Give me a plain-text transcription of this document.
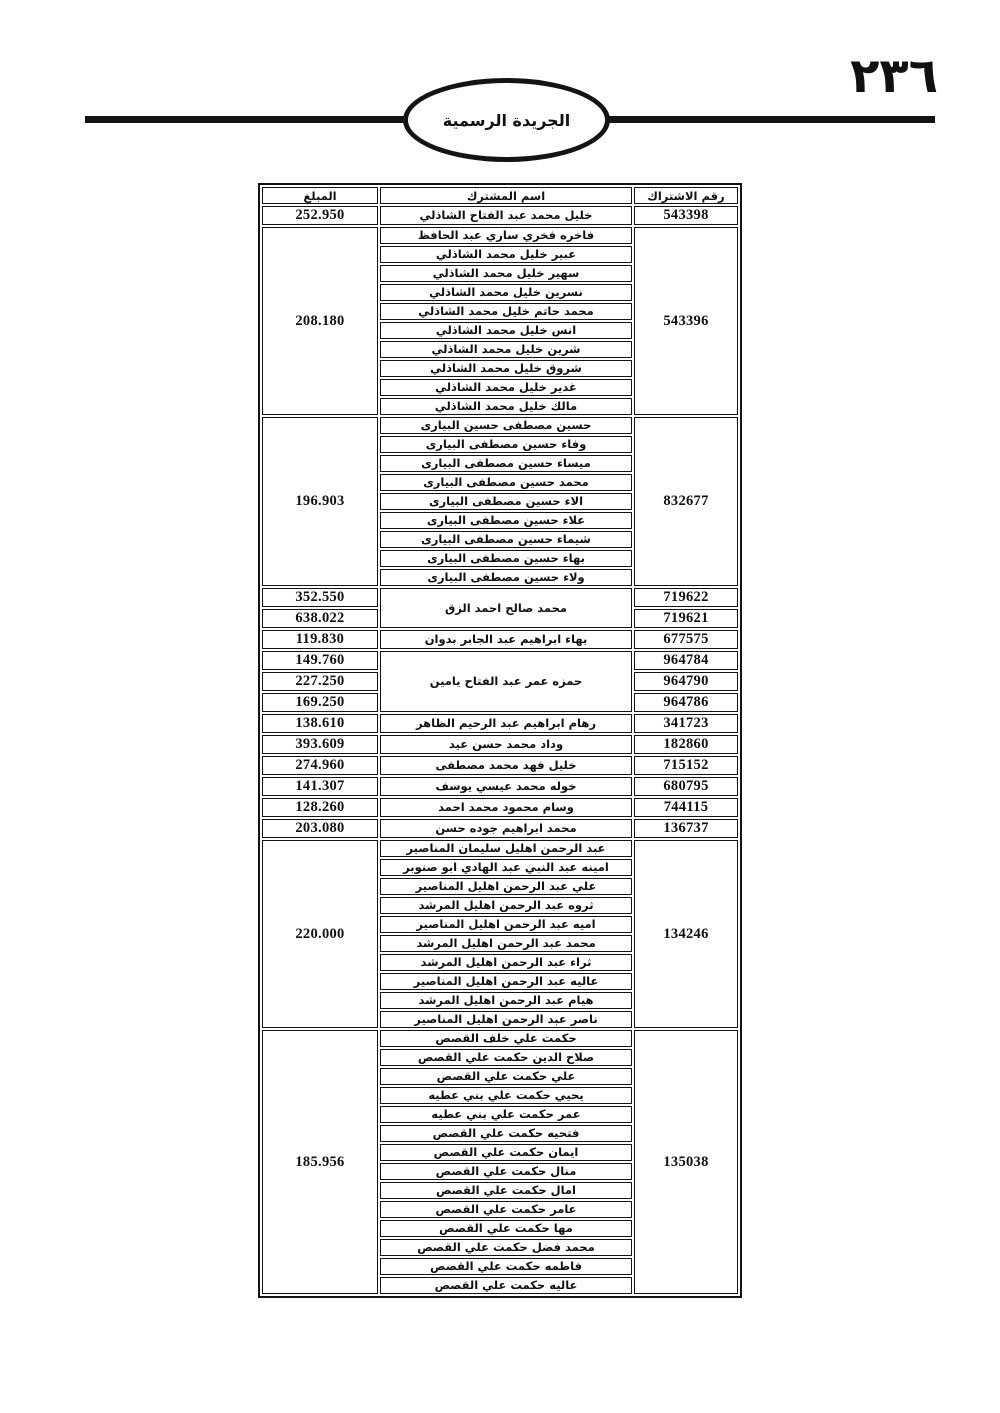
الجريدة الرسمية
٢٣٦
رقم الاشتراك	اسم المشترك	المبلغ
543398	خليل محمد عبد الفتاح الشاذلي	252.950
543396	فاخره فخري ساري عبد الحافظ	208.180
	عبير خليل محمد الشاذلي	
	سهير خليل محمد الشاذلي	
	نسرين خليل محمد الشاذلي	
	محمد حاتم خليل محمد الشاذلي	
	انس خليل محمد الشاذلي	
	شرين خليل محمد الشاذلي	
	شروق خليل محمد الشاذلي	
	غدير خليل محمد الشاذلي	
	مالك خليل محمد الشاذلي	
832677	حسين مصطفى حسين البيارى	196.903
	وفاء حسين مصطفى البيارى	
	ميساء حسين مصطفى البيارى	
	محمد حسين مصطفى البيارى	
	الاء حسين مصطفى البيارى	
	علاء حسين مصطفى البيارى	
	شيماء حسين مصطفى البيارى	
	بهاء حسين مصطفى البيارى	
	ولاء حسين مصطفى البيارى	
719622	محمد صالح احمد الزق	352.550
719621		638.022
677575	بهاء ابراهيم عبد الجابر بدوان	119.830
964784	حمزه عمر عبد الفتاح يامين	149.760
964790		227.250
964786		169.250
341723	رهام ابراهيم عبد الرحيم الظاهر	138.610
182860	وداد محمد حسن عيد	393.609
715152	خليل فهد محمد مصطفى	274.960
680795	خوله محمد عيسي يوسف	141.307
744115	وسام محمود محمد احمد	128.260
136737	محمد ابراهيم جوده حسن	203.080
134246	عبد الرحمن اهليل سليمان المناصير	220.000
	امينه عبد النبي عبد الهادي ابو صنوبر	
	علي عبد الرحمن اهليل المناصير	
	ثروه عبد الرحمن اهليل المرشد	
	اميه عبد الرحمن اهليل المناصير	
	محمد عبد الرحمن اهليل المرشد	
	ثراء عبد الرحمن اهليل المرشد	
	عاليه عبد الرحمن اهليل المناصير	
	هيام عبد الرحمن اهليل المرشد	
	ناصر عبد الرحمن اهليل المناصير	
135038	حكمت علي خلف القصص	185.956
	صلاح الدين حكمت علي القصص	
	علي حكمت علي القصص	
	يحيي حكمت علي بني عطيه	
	عمر حكمت علي بني عطيه	
	فتحيه حكمت علي القصص	
	ايمان حكمت علي القصص	
	منال حكمت علي القصص	
	امال حكمت علي القصص	
	عامر حكمت علي القصص	
	مها حكمت علي القصص	
	محمد فضل حكمت علي القصص	
	فاطمه حكمت علي القصص	
	عاليه حكمت علي القصص	
